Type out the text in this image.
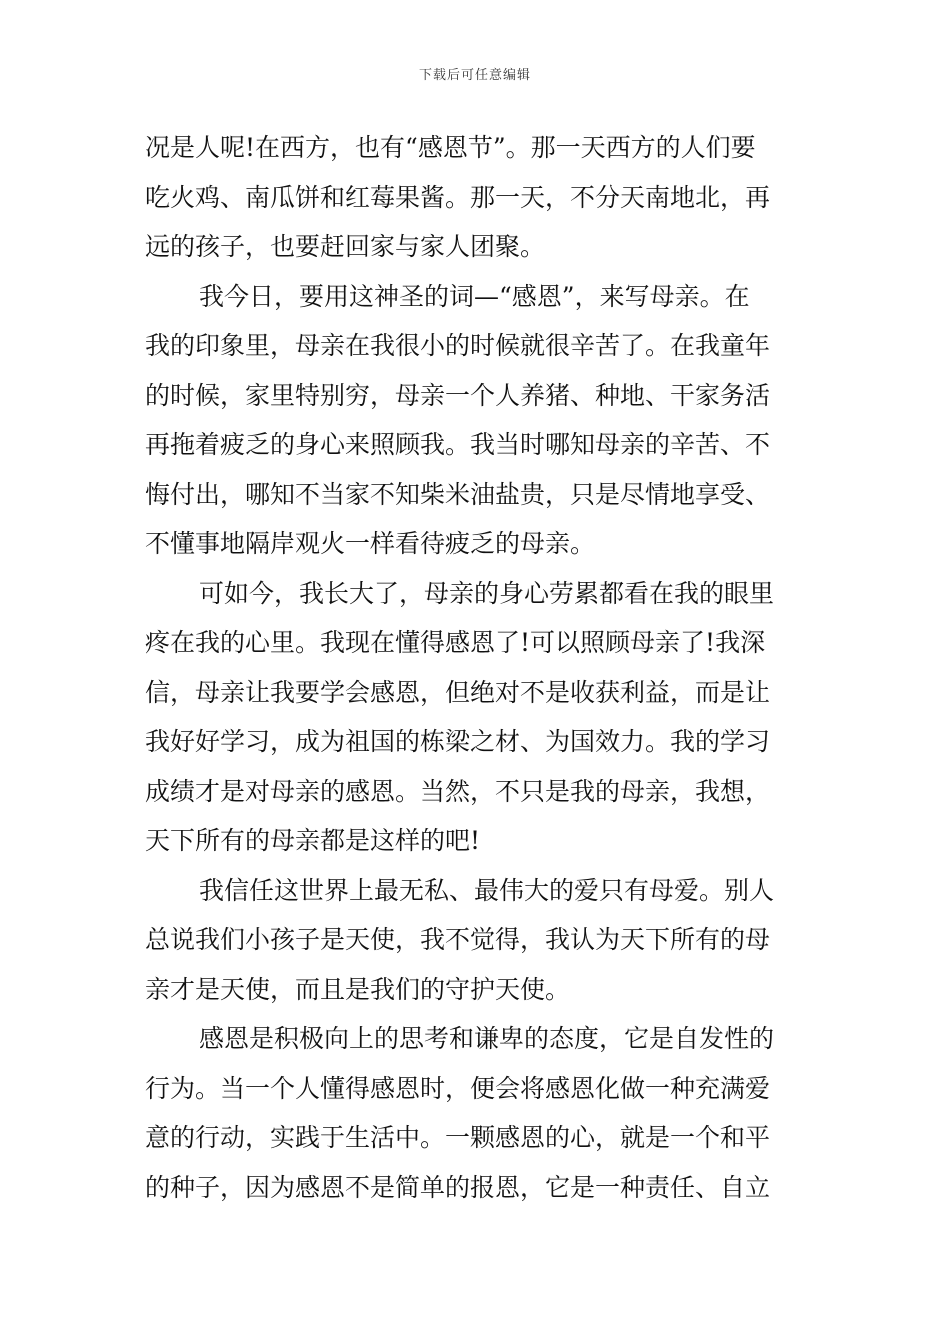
下载后可任意编辑
况是人呢!在西方，也有“感恩节”。那一天西方的人们要
吃火鸡、南瓜饼和红莓果酱。那一天，不分天南地北，再
远的孩子，也要赶回家与家人团聚。
我今日，要用这神圣的词—“感恩”，来写母亲。在
我的印象里，母亲在我很小的时候就很辛苦了。在我童年
的时候，家里特别穷，母亲一个人养猪、种地、干家务活
再拖着疲乏的身心来照顾我。我当时哪知母亲的辛苦、不
悔付出，哪知不当家不知柴米油盐贵，只是尽情地享受、
不懂事地隔岸观火一样看待疲乏的母亲。
可如今，我长大了，母亲的身心劳累都看在我的眼里
疼在我的心里。我现在懂得感恩了!可以照顾母亲了!我深
信，母亲让我要学会感恩，但绝对不是收获利益，而是让
我好好学习，成为祖国的栋梁之材、为国效力。我的学习
成绩才是对母亲的感恩。当然，不只是我的母亲，我想，
天下所有的母亲都是这样的吧!
我信任这世界上最无私、最伟大的爱只有母爱。别人
总说我们小孩子是天使，我不觉得，我认为天下所有的母
亲才是天使，而且是我们的守护天使。
感恩是积极向上的思考和谦卑的态度，它是自发性的
行为。当一个人懂得感恩时，便会将感恩化做一种充满爱
意的行动，实践于生活中。一颗感恩的心，就是一个和平
的种子，因为感恩不是简单的报恩，它是一种责任、自立
